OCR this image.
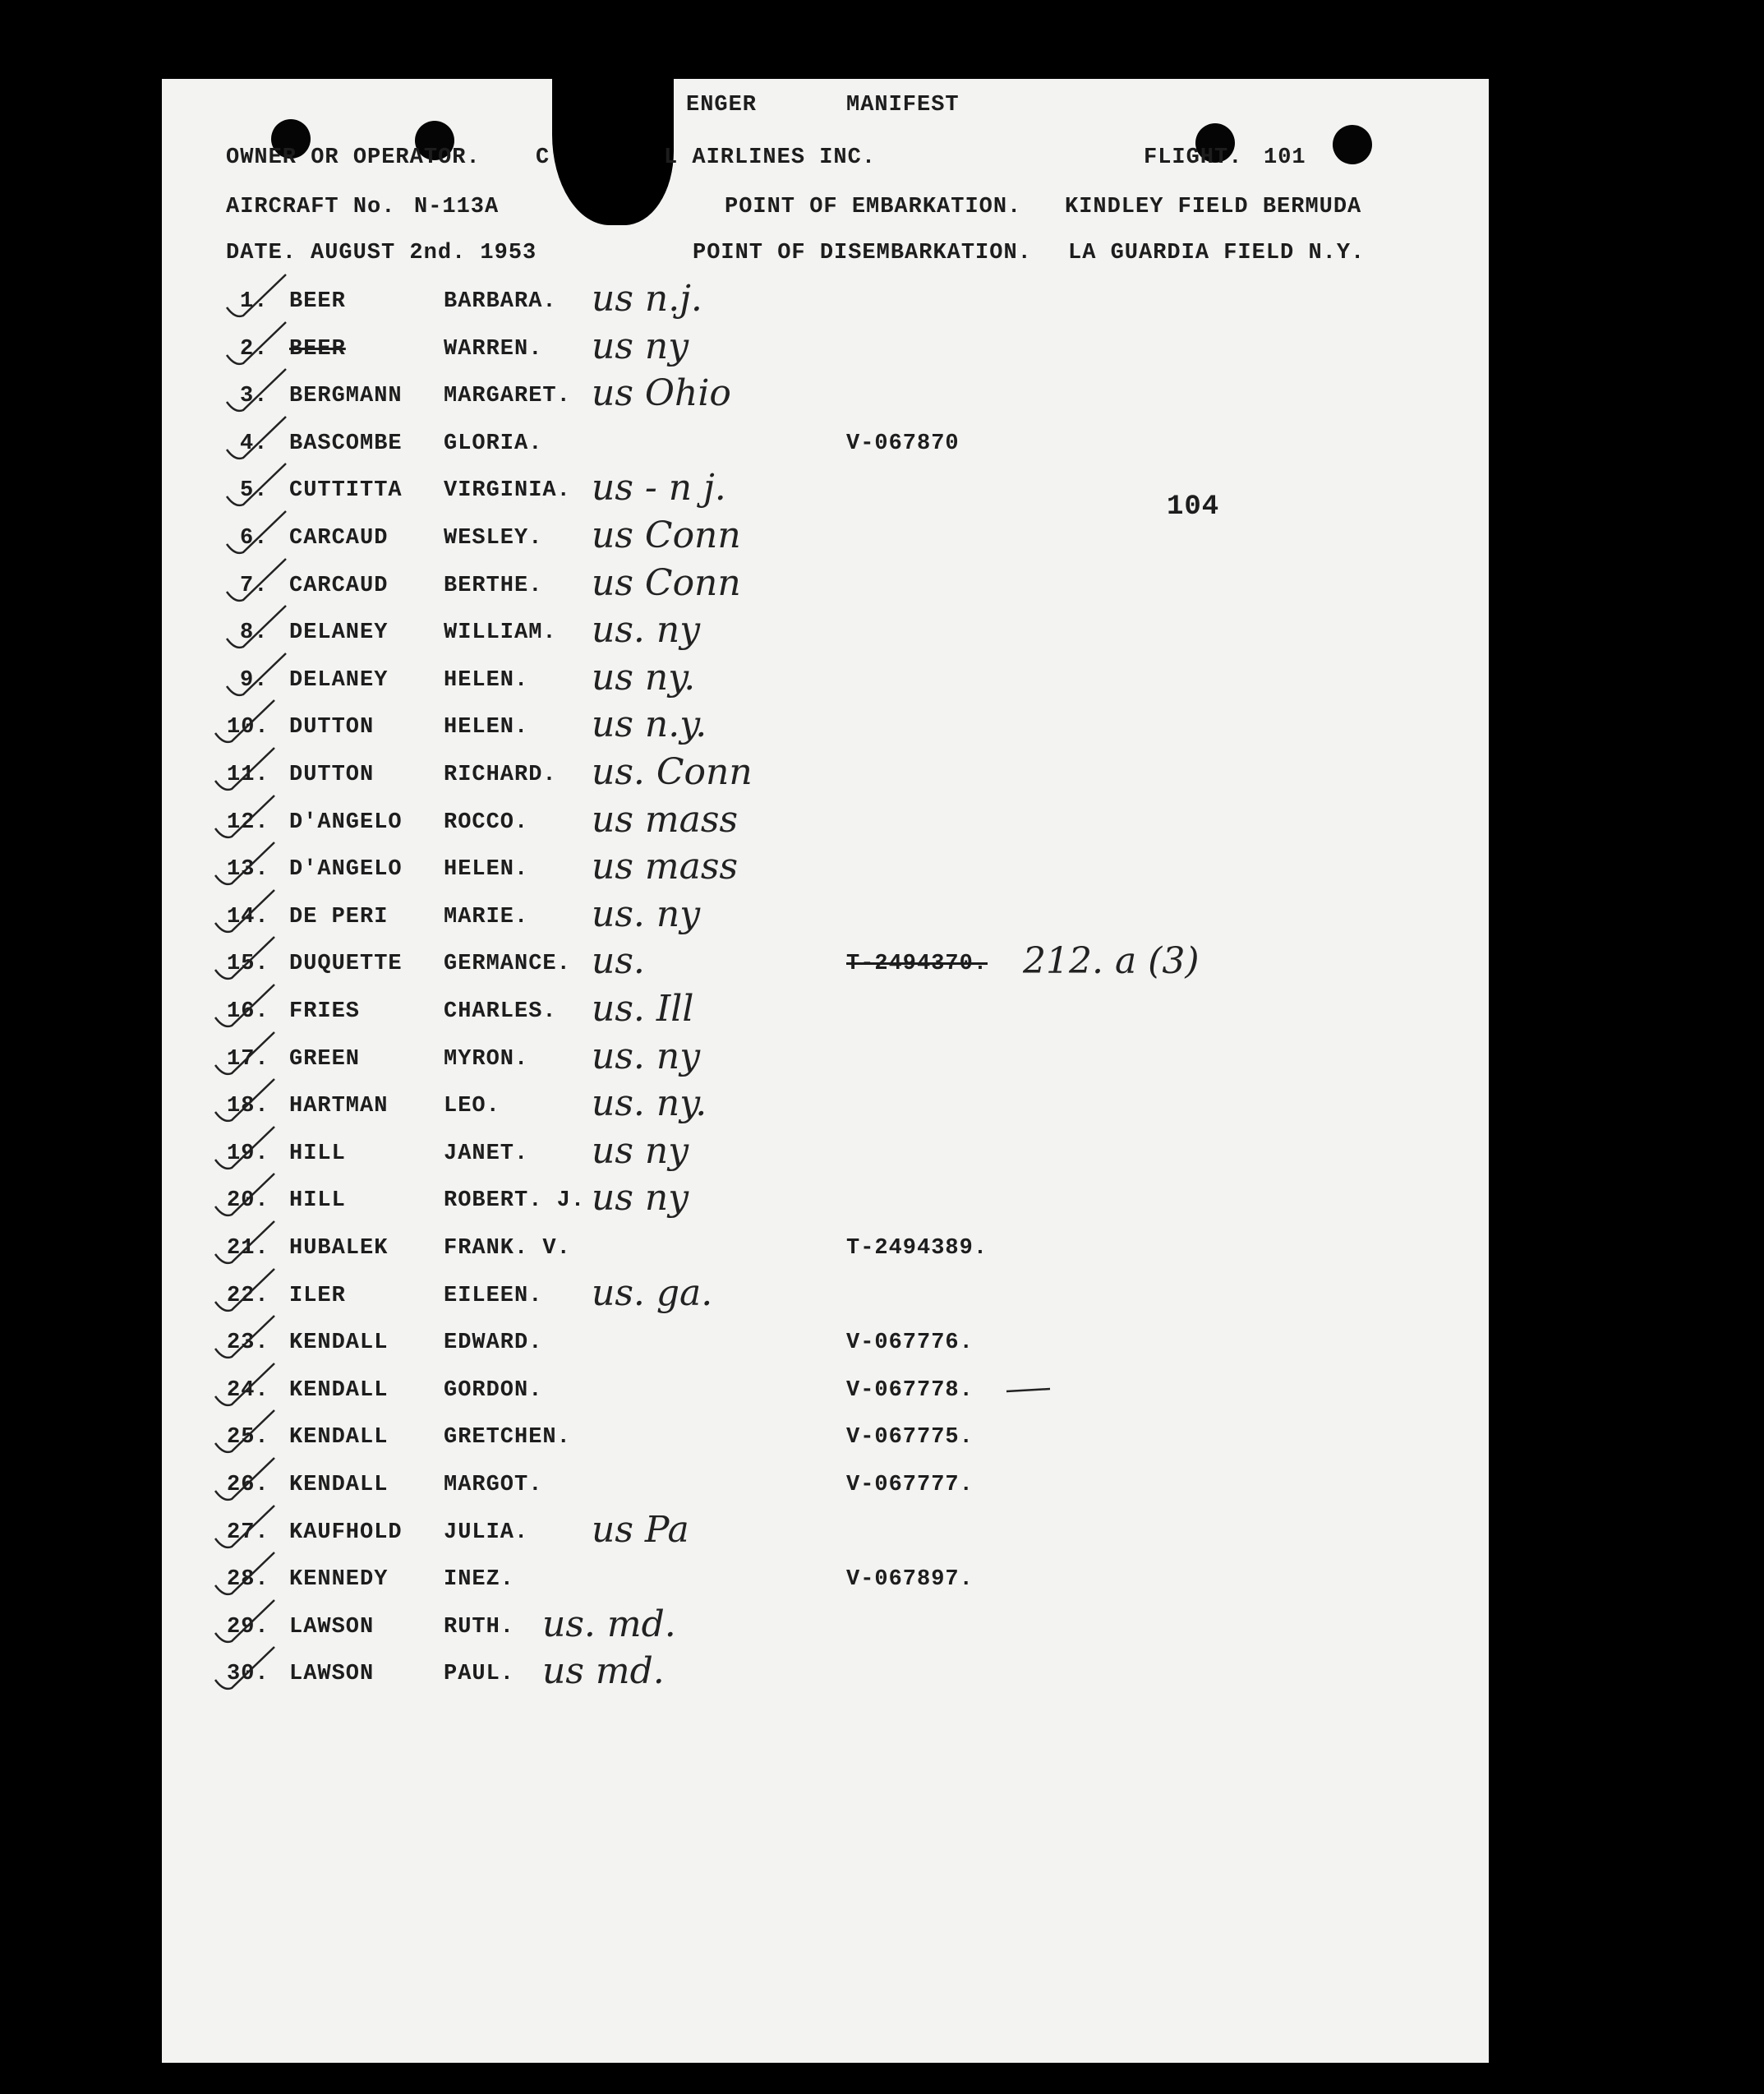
ENGER	MANIFEST
OWNER OR OPERATOR. C	L AIRLINES INC.	FLIGHT. 101
AIRCRAFT No. N-113A	POINT OF EMBARKATION. KINDLEY FIELD BERMUDA
DATE. AUGUST 2nd. 1953	POINT OF DISEMBARKATION. LA GUARDIA FIELD N.Y.
104
1. BEER	BARBARA. us n.j.
2. BEER	WARREN. us ny
3. BERGMANN MARGARET. us Ohio
4. BASCOMBE GLORIA.	V-067870
5. CUTTITTA VIRGINIA. us - n j.
6. CARCAUD	WESLEY. us Conn
7. CARCAUD	BERTHE. us Conn
8. DELANEY	WILLIAM. us. ny
9. DELANEY	HELEN. us ny.
10. DUTTON	HELEN. us n.y.
11. DUTTON	RICHARD. us. Conn
12. D'ANGELO ROCCO. us mass
13. D'ANGELO HELEN. us mass
14. DE PERI	MARIE. us. ny
15. DUQUETTE GERMANCE. us.	T-2494370. 212. a (3)
16. FRIES	CHARLES. us. Ill
17. GREEN	MYRON. us. ny
18. HARTMAN	LEO.	us. ny.
19. HILL	JANET. us ny
20. HILL	ROBERT. J. us ny
21. HUBALEK	FRANK. V.	T-2494389.
22. ILER	EILEEN. us. ga.
23. KENDALL	EDWARD.	V-067776.
24. KENDALL	GORDON.	V-067778.
25. KENDALL	GRETCHEN.	V-067775.
26. KENDALL	MARGOT.	V-067777.
27. KAUFHOLD JULIA. us Pa
28. KENNEDY	INEZ.	V-067897.
29. LAWSON	RUTH. us. md.
30. LAWSON	PAUL. us md.
